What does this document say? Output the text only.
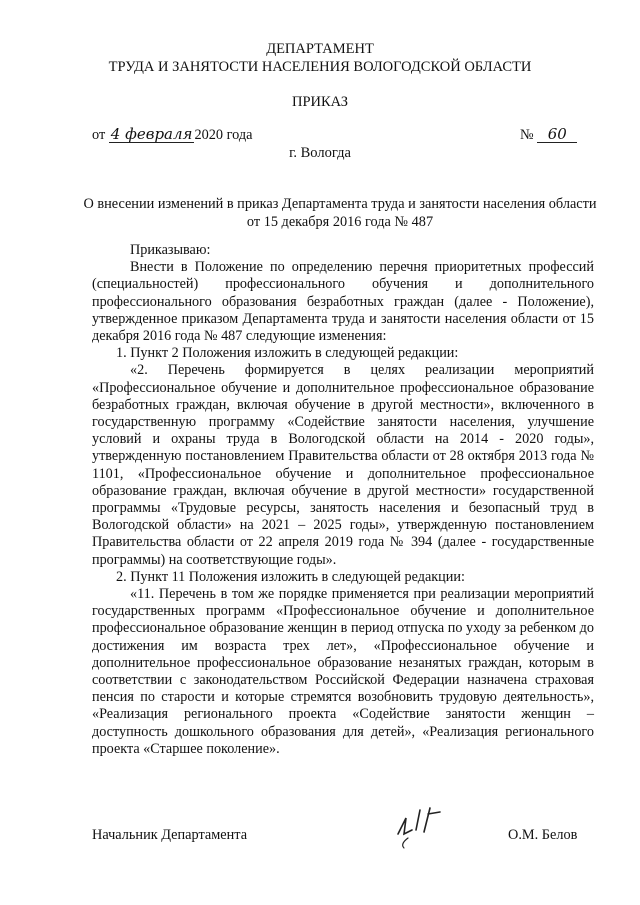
ДЕПАРТАМЕНТ
ТРУДА И ЗАНЯТОСТИ НАСЕЛЕНИЯ ВОЛОГОДСКОЙ ОБЛАСТИ
ПРИКАЗ
от 4 февраля 2020 года	№ 60
г. Вологда
О внесении изменений в приказ Департамента труда и занятости населения области от 15 декабря 2016 года № 487

Приказываю:

Внести в Положение по определению перечня приоритетных профессий (специальностей) профессионального обучения и дополнительного профессионального образования безработных граждан (далее - Положение), утвержденное приказом Департамента труда и занятости населения области от 15 декабря 2016 года № 487 следующие изменения:

1. Пункт 2 Положения изложить в следующей редакции:

«2. Перечень формируется в целях реализации мероприятий «Профессиональное обучение и дополнительное профессиональное образование безработных граждан, включая обучение в другой местности», включенного в государственную программу «Содействие занятости населения, улучшение условий и охраны труда в Вологодской области на 2014 - 2020 годы», утвержденную постановлением Правительства области от 28 октября 2013 года № 1101, «Профессиональное обучение и дополнительное профессиональное образование граждан, включая обучение в другой местности» государственной программы «Трудовые ресурсы, занятость населения и безопасный труд в Вологодской области» на 2021 – 2025 годы», утвержденную постановлением Правительства области от 22 апреля 2019 года № 394 (далее - государственные программы) на соответствующие годы».

2. Пункт 11 Положения изложить в следующей редакции:

«11. Перечень в том же порядке применяется при реализации мероприятий государственных программ «Профессиональное обучение и дополнительное профессиональное образование женщин в период отпуска по уходу за ребенком до достижения им возраста трех лет», «Профессиональное обучение и дополнительное профессиональное образование незанятых граждан, которым в соответствии с законодательством Российской Федерации назначена страховая пенсия по старости и которые стремятся возобновить трудовую деятельность», «Реализация регионального проекта «Содействие занятости женщин – доступность дошкольного образования для детей», «Реализация регионального проекта «Старшее поколение».

Начальник Департамента	О.М. Белов
